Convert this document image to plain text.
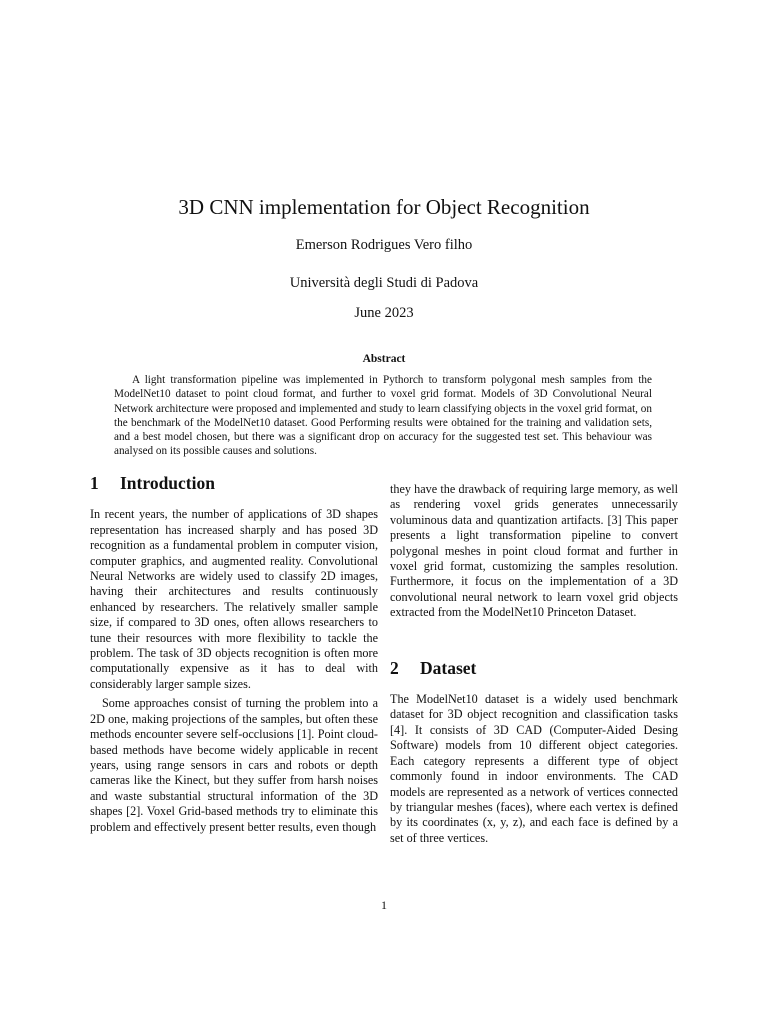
3D CNN implementation for Object Recognition

Emerson Rodrigues Vero filho

Università degli Studi di Padova

June 2023

Abstract

A light transformation pipeline was implemented in Pythorch to transform polygonal mesh samples from the ModelNet10 dataset to point cloud format, and further to voxel grid format. Models of 3D Convolutional Neural Network architecture were proposed and implemented and study to learn classifying objects in the voxel grid format, on the benchmark of the ModelNet10 dataset. Good Performing results were obtained for the training and validation sets, and a best model chosen, but there was a significant drop on accuracy for the suggested test set. This behaviour was analysed on its possible causes and solutions.

1	Introduction

In recent years, the number of applications of 3D shapes representation has increased sharply and has posed 3D recognition as a fundamental problem in computer vision, computer graphics, and augmented reality. Convolutional Neural Networks are widely used to classify 2D images, having their architectures and results continuously enhanced by researchers. The relatively smaller sample size, if compared to 3D ones, often allows researchers to tune their resources with more flexibility to tackle the problem. The task of 3D objects recognition is often more computationally expensive as it has to deal with considerably larger sample sizes.

Some approaches consist of turning the problem into a 2D one, making projections of the samples, but often these methods encounter severe self-occlusions [1]. Point cloud-based methods have become widely applicable in recent years, using range sensors in cars and robots or depth cameras like the Kinect, but they suffer from harsh noises and waste substantial structural information of the 3D shapes [2]. Voxel Grid-based methods try to eliminate this problem and effectively present better results, even though

they have the drawback of requiring large memory, as well as rendering voxel grids generates unnecessarily voluminous data and quantization artifacts. [3] This paper presents a light transformation pipeline to convert polygonal meshes in point cloud format and further in voxel grid format, customizing the samples resolution. Furthermore, it focus on the implementation of a 3D convolutional neural network to learn voxel grid objects extracted from the ModelNet10 Princeton Dataset.

2	Dataset

The ModelNet10 dataset is a widely used benchmark dataset for 3D object recognition and classification tasks [4]. It consists of 3D CAD (Computer-Aided Desing Software) models from 10 different object categories. Each category represents a different type of object commonly found in indoor environments. The CAD models are represented as a network of vertices connected by triangular meshes (faces), where each vertex is defined by its coordinates (x, y, z), and each face is defined by a set of three vertices.

1
